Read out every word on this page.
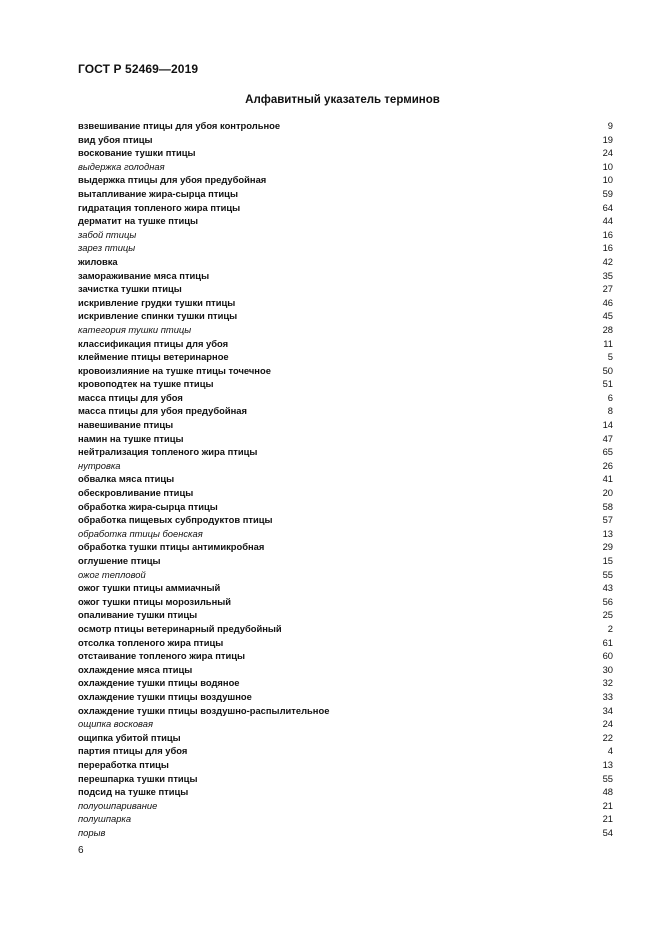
ГОСТ Р 52469—2019
Алфавитный указатель терминов
взвешивание птицы для убоя контрольное	9
вид убоя птицы	19
воскование тушки птицы	24
выдержка голодная	10
выдержка птицы для убоя предубойная	10
вытапливание жира-сырца птицы	59
гидратация топленого жира птицы	64
дерматит на тушке птицы	44
забой птицы	16
зарез птицы	16
жиловка	42
замораживание мяса птицы	35
зачистка тушки птицы	27
искривление грудки тушки птицы	46
искривление спинки тушки птицы	45
категория тушки птицы	28
классификация птицы для убоя	11
клеймение птицы ветеринарное	5
кровоизлияние на тушке птицы точечное	50
кровоподтек на тушке птицы	51
масса птицы для убоя	6
масса птицы для убоя предубойная	8
навешивание птицы	14
намин на тушке птицы	47
нейтрализация топленого жира птицы	65
нутровка	26
обвалка мяса птицы	41
обескровливание птицы	20
обработка жира-сырца птицы	58
обработка пищевых субпродуктов птицы	57
обработка птицы боенская	13
обработка тушки птицы антимикробная	29
оглушение птицы	15
ожог тепловой	55
ожог тушки птицы аммиачный	43
ожог тушки птицы морозильный	56
опаливание тушки птицы	25
осмотр птицы ветеринарный предубойный	2
отсолка топленого жира птицы	61
отстаивание топленого жира птицы	60
охлаждение мяса птицы	30
охлаждение тушки птицы водяное	32
охлаждение тушки птицы воздушное	33
охлаждение тушки птицы воздушно-распылительное	34
ощипка восковая	24
ощипка убитой птицы	22
партия птицы для убоя	4
переработка птицы	13
перешпарка тушки птицы	55
подсид на тушке птицы	48
полуошпаривание	21
полушпарка	21
порыв	54
6
